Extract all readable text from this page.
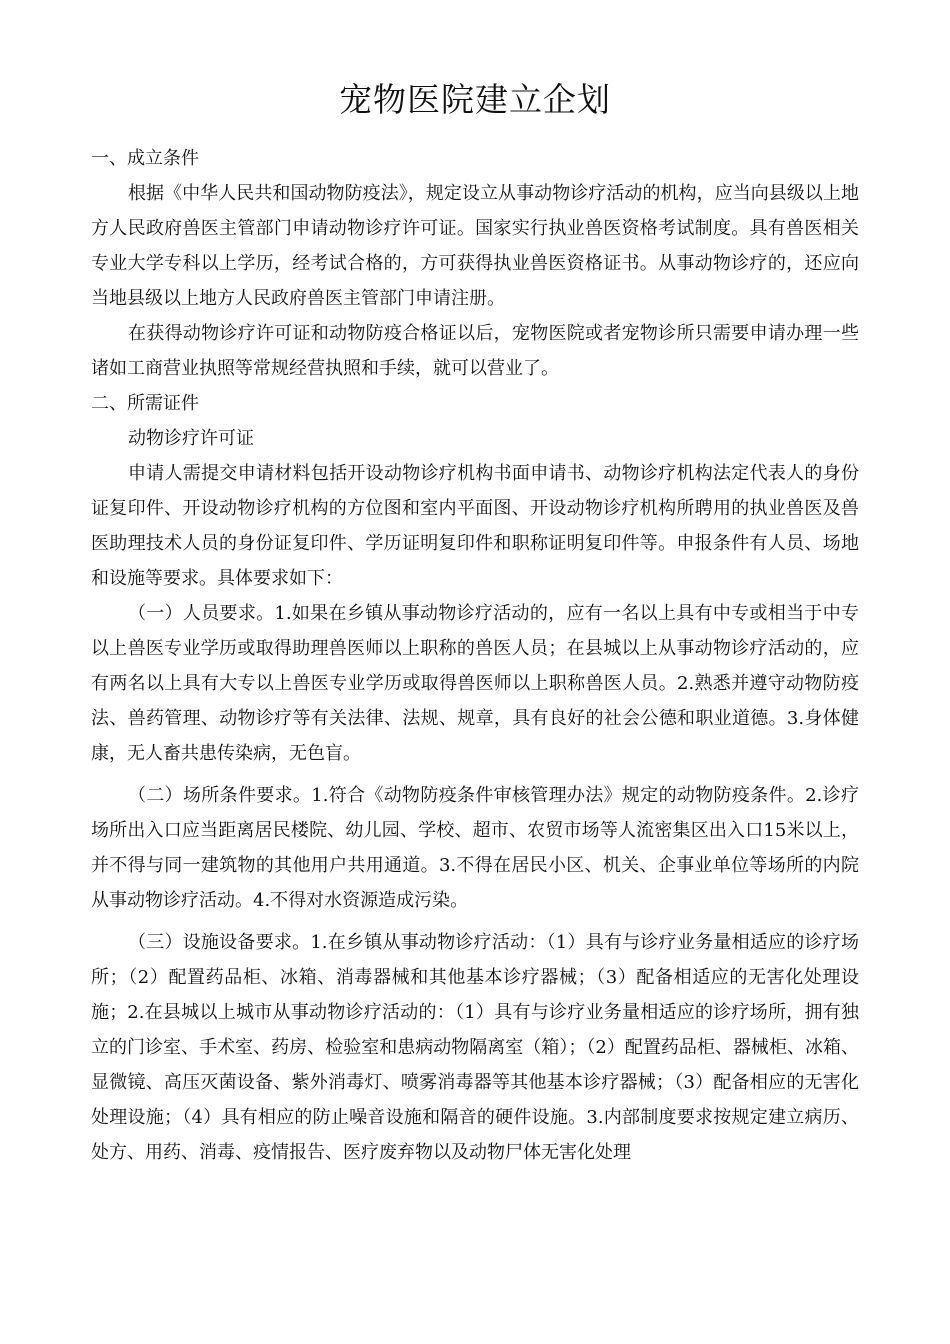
宠物医院建立企划

一、成立条件

根据《中华人民共和国动物防疫法》，规定设立从事动物诊疗活动的机构，应当向县级以上地方人民政府兽医主管部门申请动物诊疗许可证。国家实行执业兽医资格考试制度。具有兽医相关专业大学专科以上学历，经考试合格的，方可获得执业兽医资格证书。从事动物诊疗的，还应向当地县级以上地方人民政府兽医主管部门申请注册。

在获得动物诊疗许可证和动物防疫合格证以后，宠物医院或者宠物诊所只需要申请办理一些诸如工商营业执照等常规经营执照和手续，就可以营业了。

二、所需证件

动物诊疗许可证

申请人需提交申请材料包括开设动物诊疗机构书面申请书、动物诊疗机构法定代表人的身份证复印件、开设动物诊疗机构的方位图和室内平面图、开设动物诊疗机构所聘用的执业兽医及兽医助理技术人员的身份证复印件、学历证明复印件和职称证明复印件等。申报条件有人员、场地和设施等要求。具体要求如下：

（一）人员要求。1.如果在乡镇从事动物诊疗活动的，应有一名以上具有中专或相当于中专以上兽医专业学历或取得助理兽医师以上职称的兽医人员；在县城以上从事动物诊疗活动的，应有两名以上具有大专以上兽医专业学历或取得兽医师以上职称兽医人员。2.熟悉并遵守动物防疫法、兽药管理、动物诊疗等有关法律、法规、规章，具有良好的社会公德和职业道德。3.身体健康，无人畜共患传染病，无色盲。

（二）场所条件要求。1.符合《动物防疫条件审核管理办法》规定的动物防疫条件。2.诊疗场所出入口应当距离居民楼院、幼儿园、学校、超市、农贸市场等人流密集区出入口15米以上，并不得与同一建筑物的其他用户共用通道。3.不得在居民小区、机关、企事业单位等场所的内院从事动物诊疗活动。4.不得对水资源造成污染。

（三）设施设备要求。1.在乡镇从事动物诊疗活动：（1）具有与诊疗业务量相适应的诊疗场所；（2）配置药品柜、冰箱、消毒器械和其他基本诊疗器械；（3）配备相适应的无害化处理设施；2.在县城以上城市从事动物诊疗活动的：（1）具有与诊疗业务量相适应的诊疗场所，拥有独立的门诊室、手术室、药房、检验室和患病动物隔离室（箱）；（2）配置药品柜、器械柜、冰箱、显微镜、高压灭菌设备、紫外消毒灯、喷雾消毒器等其他基本诊疗器械；（3）配备相应的无害化处理设施；（4）具有相应的防止噪音设施和隔音的硬件设施。3.内部制度要求按规定建立病历、处方、用药、消毒、疫情报告、医疗废弃物以及动物尸体无害化处理
